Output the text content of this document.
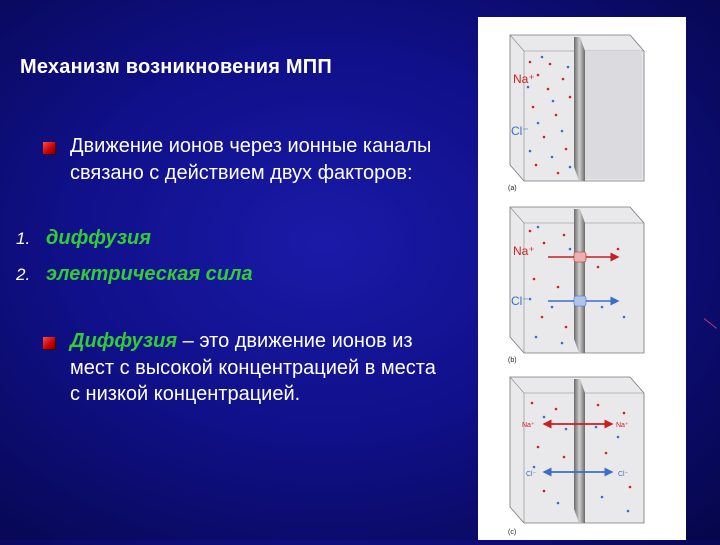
Механизм возникновения МПП
Движение ионов через ионные каналы связано с действием двух факторов:
1. диффузия
2. электрическая сила
Диффузия – это движение ионов из мест с высокой концентрацией в места с низкой концентрацией.
Na⁺
Cl⁻
(a)
Na⁺
Cl⁻
(b)
Na⁺	Na⁺
Cl⁻	Cl⁻
(c)
